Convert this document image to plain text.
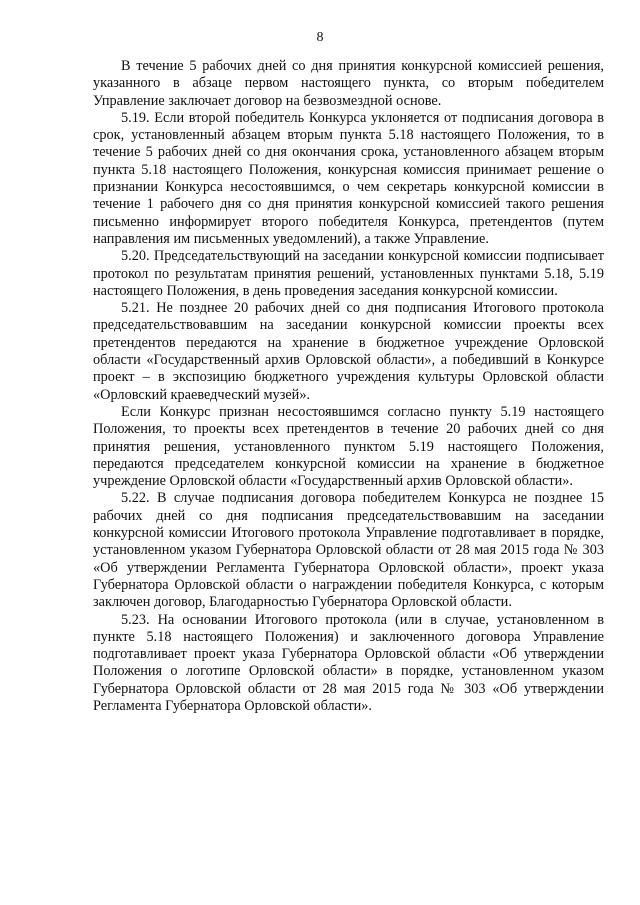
8

В течение 5 рабочих дней со дня принятия конкурсной комиссией решения, указанного в абзаце первом настоящего пункта, со вторым победителем Управление заключает договор на безвозмездной основе.

5.19. Если второй победитель Конкурса уклоняется от подписания договора в срок, установленный абзацем вторым пункта 5.18 настоящего Положения, то в течение 5 рабочих дней со дня окончания срока, установленного абзацем вторым пункта 5.18 настоящего Положения, конкурсная комиссия принимает решение о признании Конкурса несостоявшимся, о чем секретарь конкурсной комиссии в течение 1 рабочего дня со дня принятия конкурсной комиссией такого решения письменно информирует второго победителя Конкурса, претендентов (путем направления им письменных уведомлений), а также Управление.

5.20. Председательствующий на заседании конкурсной комиссии подписывает протокол по результатам принятия решений, установленных пунктами 5.18, 5.19 настоящего Положения, в день проведения заседания конкурсной комиссии.

5.21. Не позднее 20 рабочих дней со дня подписания Итогового протокола председательствовавшим на заседании конкурсной комиссии проекты всех претендентов передаются на хранение в бюджетное учреждение Орловской области «Государственный архив Орловской области», а победивший в Конкурсе проект – в экспозицию бюджетного учреждения культуры Орловской области «Орловский краеведческий музей».

Если Конкурс признан несостоявшимся согласно пункту 5.19 настоящего Положения, то проекты всех претендентов в течение 20 рабочих дней со дня принятия решения, установленного пунктом 5.19 настоящего Положения, передаются председателем конкурсной комиссии на хранение в бюджетное учреждение Орловской области «Государственный архив Орловской области».

5.22. В случае подписания договора победителем Конкурса не позднее 15 рабочих дней со дня подписания председательствовавшим на заседании конкурсной комиссии Итогового протокола Управление подготавливает в порядке, установленном указом Губернатора Орловской области от 28 мая 2015 года № 303 «Об утверждении Регламента Губернатора Орловской области», проект указа Губернатора Орловской области о награждении победителя Конкурса, с которым заключен договор, Благодарностью Губернатора Орловской области.

5.23. На основании Итогового протокола (или в случае, установленном в пункте 5.18 настоящего Положения) и заключенного договора Управление подготавливает проект указа Губернатора Орловской области «Об утверждении Положения о логотипе Орловской области» в порядке, установленном указом Губернатора Орловской области от 28 мая 2015 года № 303 «Об утверждении Регламента Губернатора Орловской области».
